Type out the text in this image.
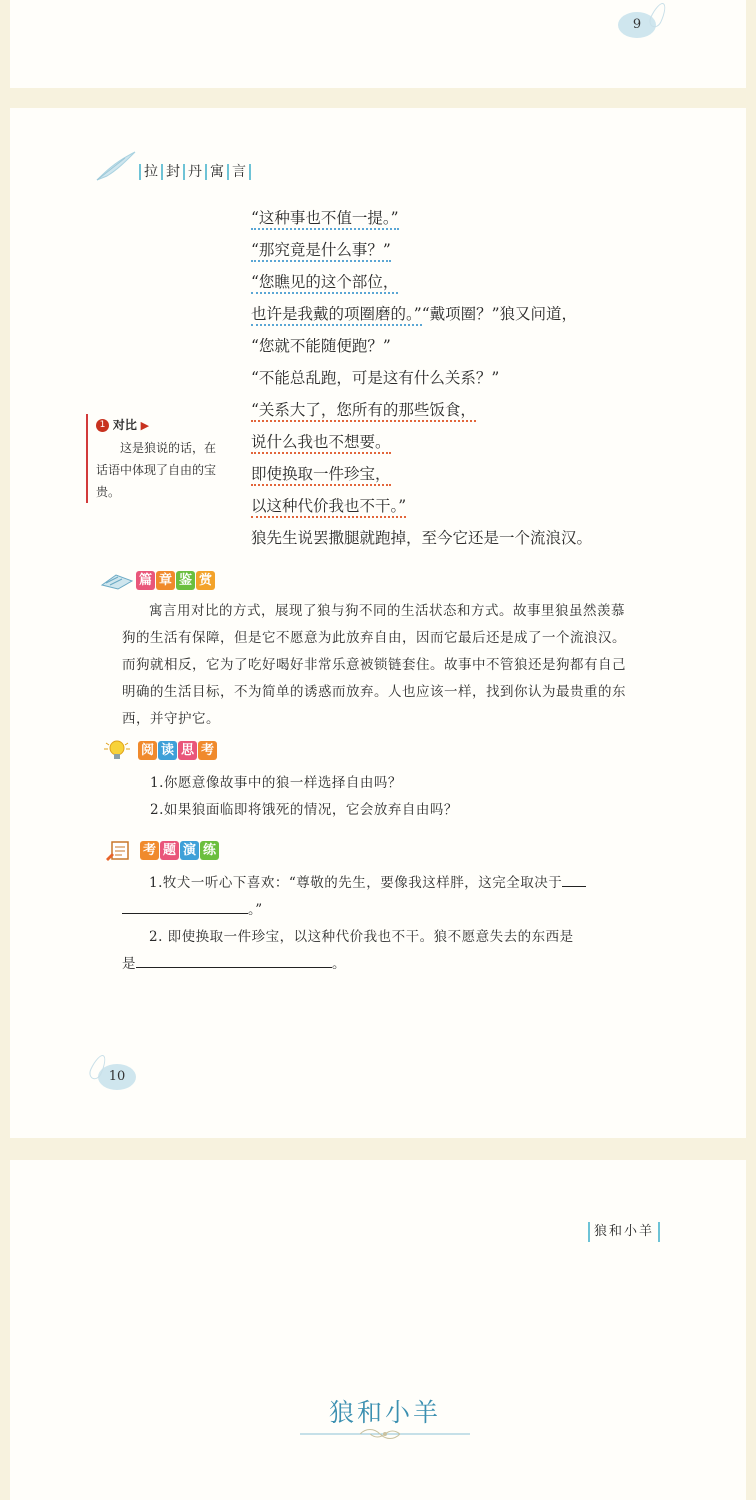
9
拉 封 丹 寓 言
“这种事也不值一提。”
“那究竟是什么事？”
“您瞧见的这个部位，
也许是我戴的项圈磨的。”“戴项圈？”狼又问道，
“您就不能随便跑？”
“不能总乱跑，可是这有什么关系？”
“关系大了，您所有的那些饭食，
说什么我也不想要。
即使换取一件珍宝，
以这种代价我也不干。”
狼先生说罢撒腿就跑掉，至今它还是一个流浪汉。
1 对比 ▶
这是狼说的话，在话语中体现了自由的宝贵。
篇 章 鉴 赏
寓言用对比的方式，展现了狼与狗不同的生活状态和方式。故事里狼虽然羡慕狗的生活有保障，但是它不愿意为此放弃自由，因而它最后还是成了一个流浪汉。而狗就相反，它为了吃好喝好非常乐意被锁链套住。故事中不管狼还是狗都有自己明确的生活目标，不为简单的诱惑而放弃。人也应该一样，找到你认为最贵重的东西，并守护它。
阅 读 思 考

1.你愿意像故事中的狼一样选择自由吗？

2.如果狼面临即将饿死的情况，它会放弃自由吗？

考 题 演 练

1.牧犬一听心下喜欢：“尊敬的先生，要像我这样胖，这完全取决于

。”

2. 即使换取一件珍宝，以这种代价我也不干。狼不愿意失去的东西是

是	。

10
狼和小羊
狼和小羊
